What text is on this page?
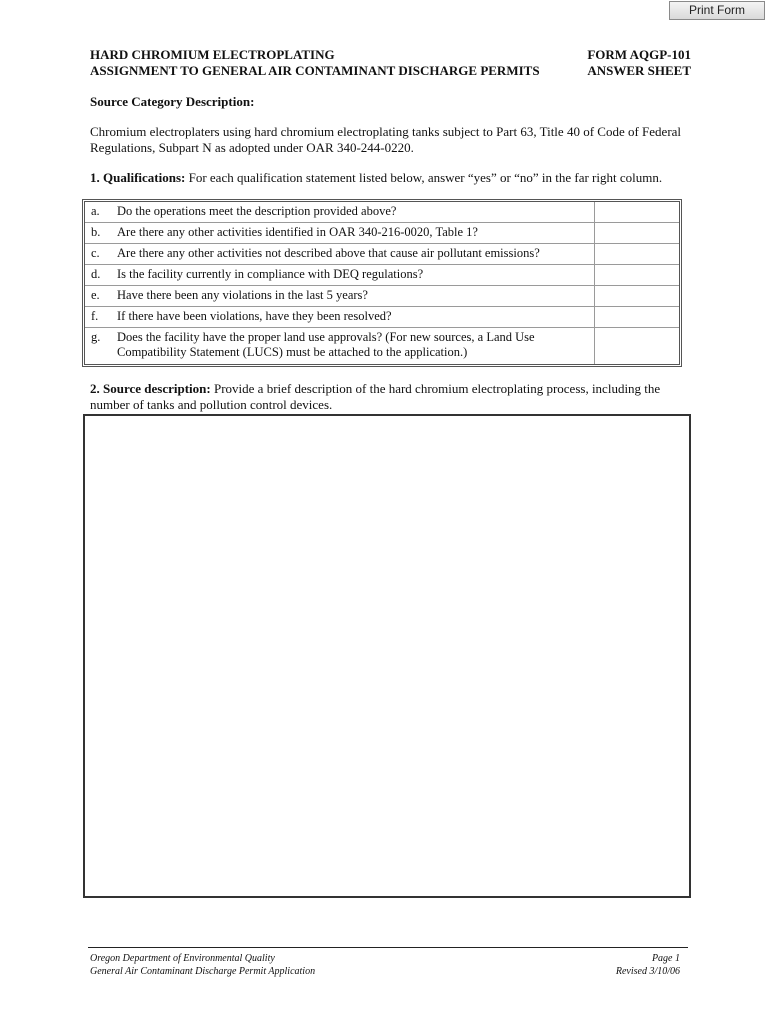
Print Form
HARD CHROMIUM ELECTROPLATING
ASSIGNMENT TO GENERAL AIR CONTAMINANT DISCHARGE PERMITS
FORM AQGP-101
ANSWER SHEET
Source Category Description:
Chromium electroplaters using hard chromium electroplating tanks subject to Part 63, Title 40 of Code of Federal Regulations, Subpart N as adopted under OAR 340-244-0220.
1. Qualifications: For each qualification statement listed below, answer “yes” or “no” in the far right column.
a.	Do the operations meet the description provided above?	
b.	Are there any other activities identified in OAR 340-216-0020, Table 1?	
c.	Are there any other activities not described above that cause air pollutant emissions?	
d.	Is the facility currently in compliance with DEQ regulations?	
e.	Have there been any violations in the last 5 years?	
f.	If there have been violations, have they been resolved?	
g.	Does the facility have the proper land use approvals? (For new sources, a Land Use Compatibility Statement (LUCS) must be attached to the application.)	
2. Source description: Provide a brief description of the hard chromium electroplating process, including the number of tanks and pollution control devices.
Oregon Department of Environmental Quality
General Air Contaminant Discharge Permit Application
Page 1
Revised 3/10/06
